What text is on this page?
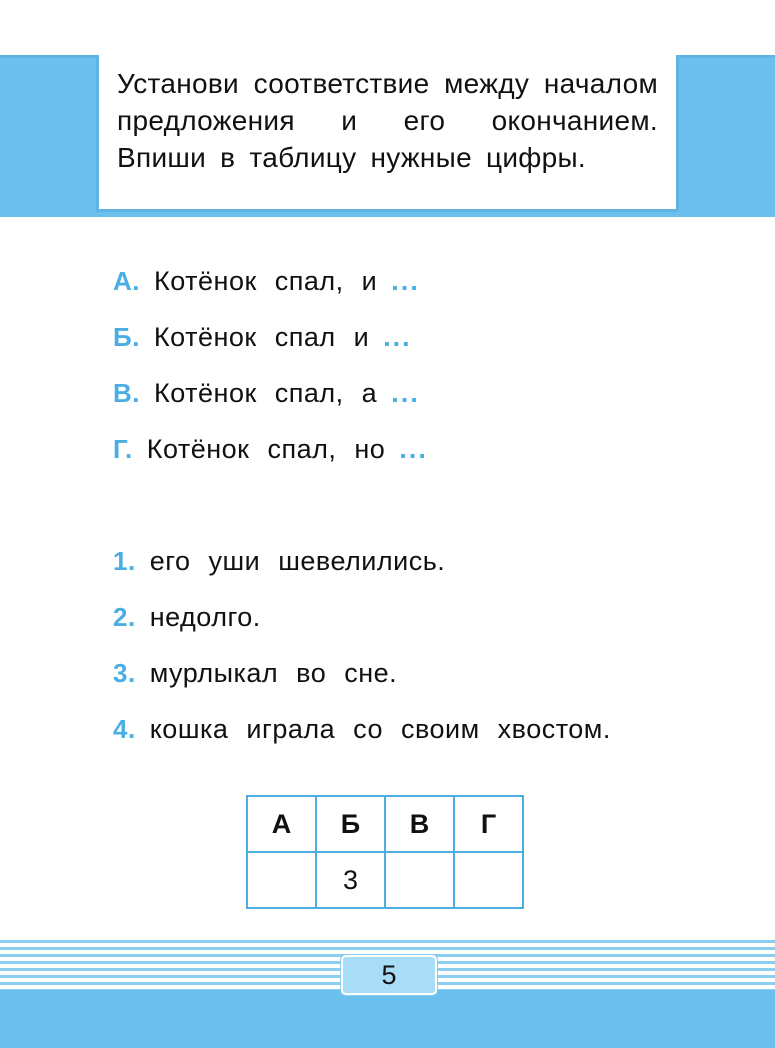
Установи соответствие между началом предложения и его окончанием. Впиши в таблицу нужные цифры.

А. Котёнок спал, и ...
Б. Котёнок спал и ...
В. Котёнок спал, а ...
Г. Котёнок спал, но ...
1. его уши шевелились.
2. недолго.
3. мурлыкал во сне.
4. кошка играла со своим хвостом.
А	Б	В	Г
	3		
5
